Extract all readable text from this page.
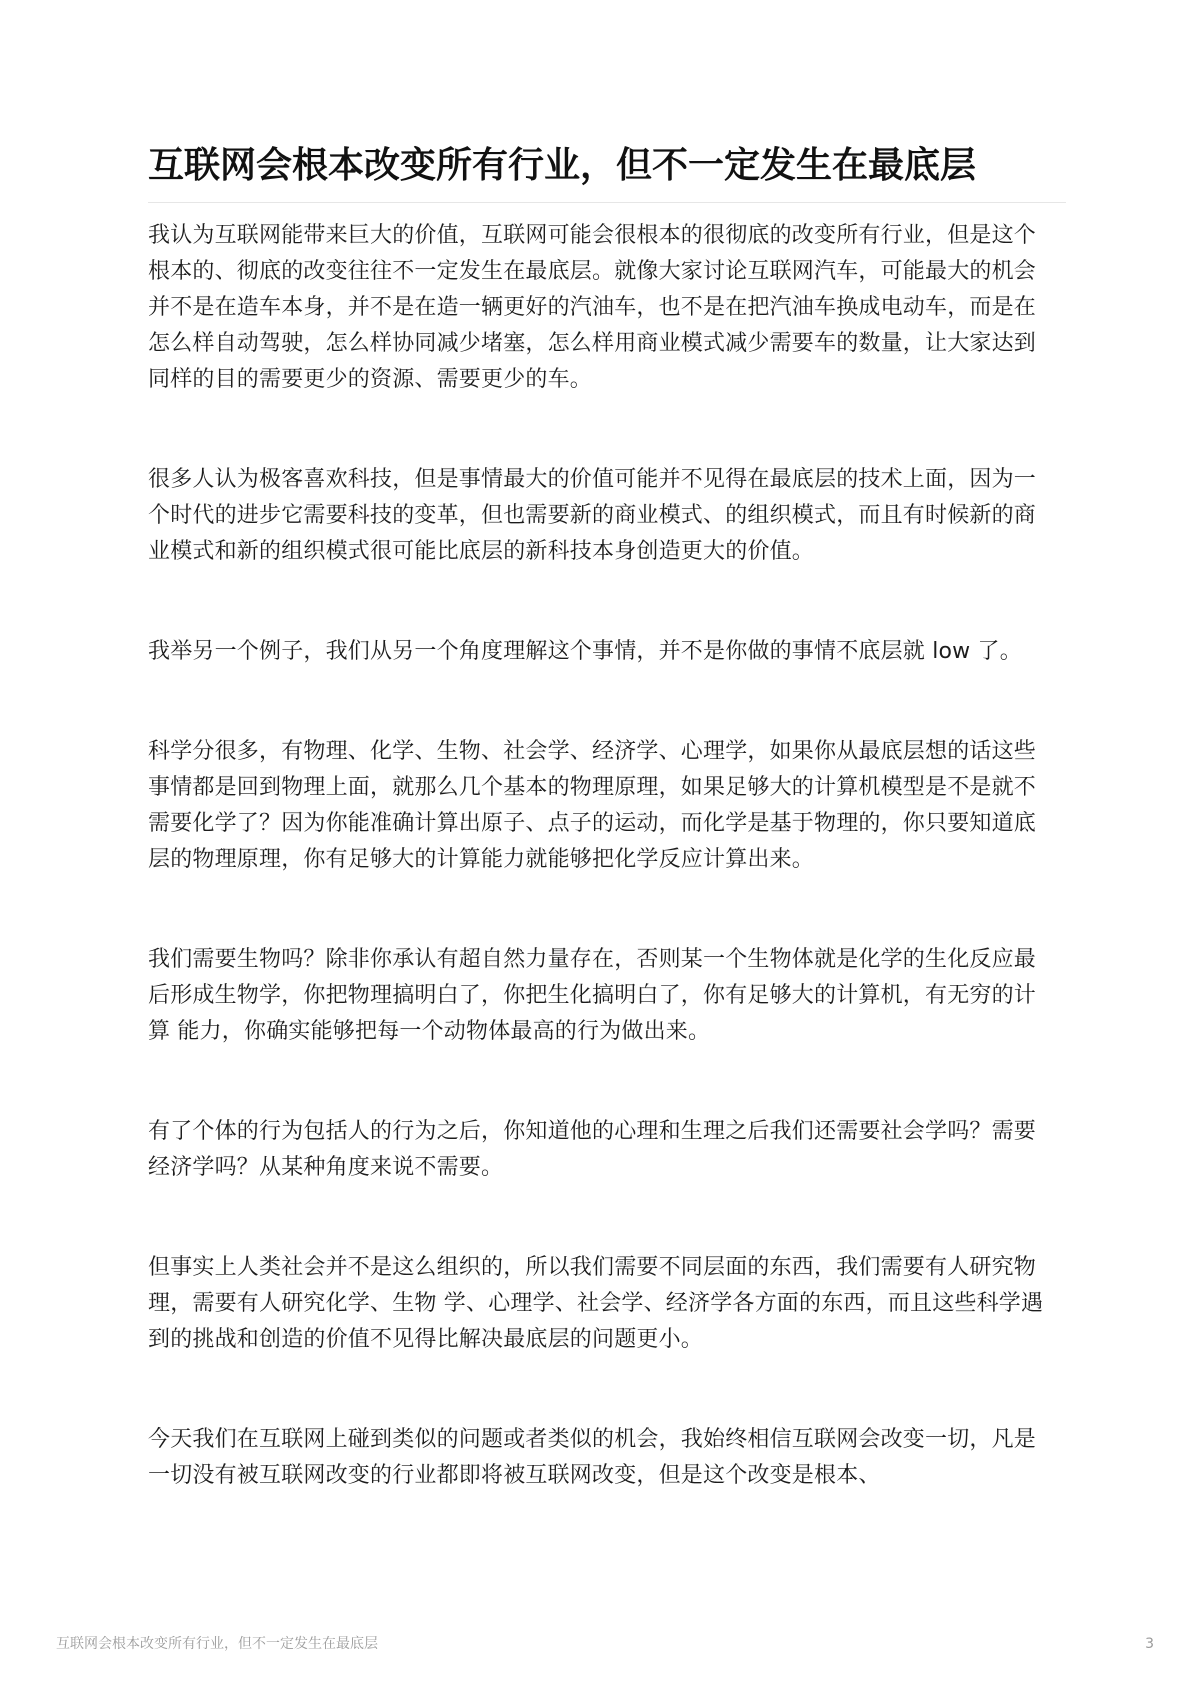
互联网会根本改变所有行业，但不一定发生在最底层

我认为互联网能带来巨大的价值，互联网可能会很根本的很彻底的改变所有行业，但是这个根本的、彻底的改变往往不一定发生在最底层。就像大家讨论互联网汽车，可能最大的机会并不是在造车本身，并不是在造一辆更好的汽油车，也不是在把汽油车换成电动车，而是在怎么样自动驾驶，怎么样协同减少堵塞，怎么样用商业模式减少需要车的数量，让大家达到同样的目的需要更少的资源、需要更少的车。

很多人认为极客喜欢科技，但是事情最大的价值可能并不见得在最底层的技术上面，因为一个时代的进步它需要科技的变革，但也需要新的商业模式、的组织模式，而且有时候新的商业模式和新的组织模式很可能比底层的新科技本身创造更大的价值。

我举另一个例子，我们从另一个角度理解这个事情，并不是你做的事情不底层就 low 了。

科学分很多，有物理、化学、生物、社会学、经济学、心理学，如果你从最底层想的话这些事情都是回到物理上面，就那么几个基本的物理原理，如果足够大的计算机模型是不是就不需要化学了？因为你能准确计算出原子、点子的运动，而化学是基于物理的，你只要知道底层的物理原理，你有足够大的计算能力就能够把化学反应计算出来。

我们需要生物吗？除非你承认有超自然力量存在，否则某一个生物体就是化学的生化反应最后形成生物学，你把物理搞明白了，你把生化搞明白了，你有足够大的计算机，有无穷的计算 能力，你确实能够把每一个动物体最高的行为做出来。

有了个体的行为包括人的行为之后，你知道他的心理和生理之后我们还需要社会学吗？需要经济学吗？从某种角度来说不需要。

但事实上人类社会并不是这么组织的，所以我们需要不同层面的东西，我们需要有人研究物理，需要有人研究化学、生物 学、心理学、社会学、经济学各方面的东西，而且这些科学遇到的挑战和创造的价值不见得比解决最底层的问题更小。

今天我们在互联网上碰到类似的问题或者类似的机会，我始终相信互联网会改变一切，凡是一切没有被互联网改变的行业都即将被互联网改变，但是这个改变是根本、

互联网会根本改变所有行业，但不一定发生在最底层	3
